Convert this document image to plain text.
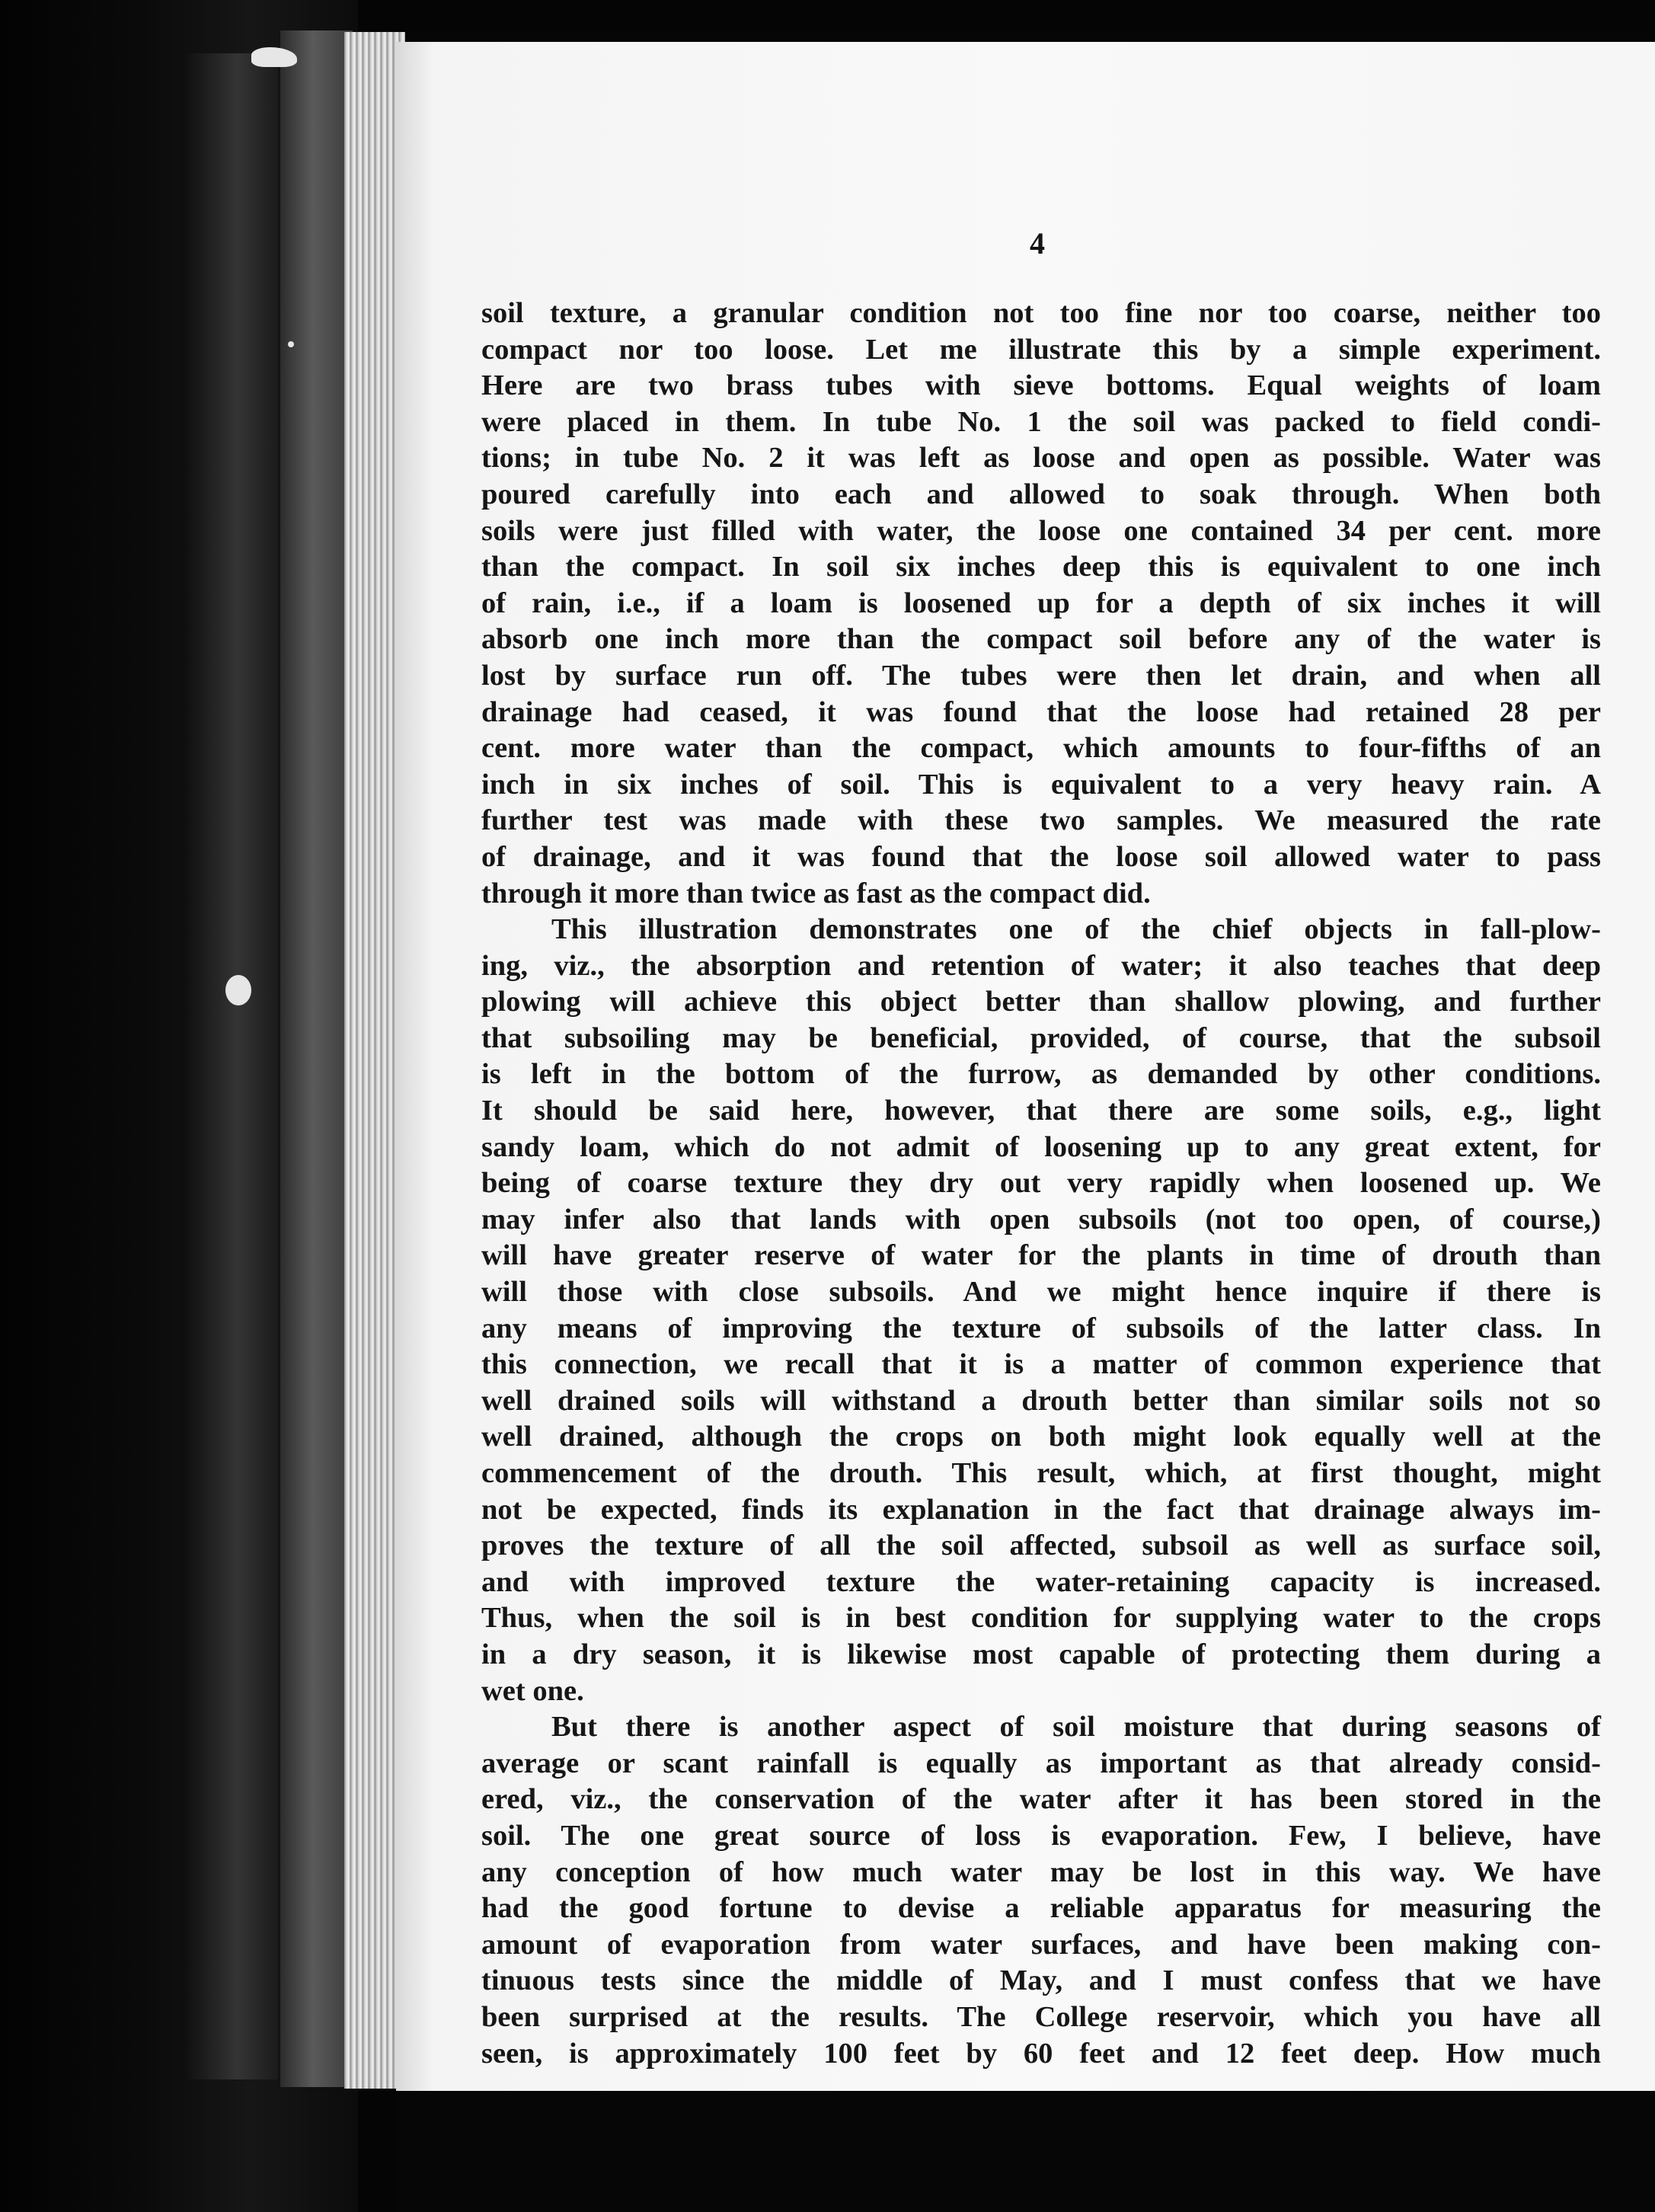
4
soil texture, a granular condition not too fine nor too coarse, neither too
compact nor too loose. Let me illustrate this by a simple experiment.
Here are two brass tubes with sieve bottoms. Equal weights of loam
were placed in them. In tube No. 1 the soil was packed to field condi-
tions; in tube No. 2 it was left as loose and open as possible. Water was
poured carefully into each and allowed to soak through. When both
soils were just filled with water, the loose one contained 34 per cent. more
than the compact. In soil six inches deep this is equivalent to one inch
of rain, i.e., if a loam is loosened up for a depth of six inches it will
absorb one inch more than the compact soil before any of the water is
lost by surface run off. The tubes were then let drain, and when all
drainage had ceased, it was found that the loose had retained 28 per
cent. more water than the compact, which amounts to four-fifths of an
inch in six inches of soil. This is equivalent to a very heavy rain. A
further test was made with these two samples. We measured the rate
of drainage, and it was found that the loose soil allowed water to pass
through it more than twice as fast as the compact did.
This illustration demonstrates one of the chief objects in fall-plow-
ing, viz., the absorption and retention of water; it also teaches that deep
plowing will achieve this object better than shallow plowing, and further
that subsoiling may be beneficial, provided, of course, that the subsoil
is left in the bottom of the furrow, as demanded by other conditions.
It should be said here, however, that there are some soils, e.g., light
sandy loam, which do not admit of loosening up to any great extent, for
being of coarse texture they dry out very rapidly when loosened up. We
may infer also that lands with open subsoils (not too open, of course,)
will have greater reserve of water for the plants in time of drouth than
will those with close subsoils. And we might hence inquire if there is
any means of improving the texture of subsoils of the latter class. In
this connection, we recall that it is a matter of common experience that
well drained soils will withstand a drouth better than similar soils not so
well drained, although the crops on both might look equally well at the
commencement of the drouth. This result, which, at first thought, might
not be expected, finds its explanation in the fact that drainage always im-
proves the texture of all the soil affected, subsoil as well as surface soil,
and with improved texture the water-retaining capacity is increased.
Thus, when the soil is in best condition for supplying water to the crops
in a dry season, it is likewise most capable of protecting them during a
wet one.
But there is another aspect of soil moisture that during seasons of
average or scant rainfall is equally as important as that already consid-
ered, viz., the conservation of the water after it has been stored in the
soil. The one great source of loss is evaporation. Few, I believe, have
any conception of how much water may be lost in this way. We have
had the good fortune to devise a reliable apparatus for measuring the
amount of evaporation from water surfaces, and have been making con-
tinuous tests since the middle of May, and I must confess that we have
been surprised at the results. The College reservoir, which you have all
seen, is approximately 100 feet by 60 feet and 12 feet deep. How much
